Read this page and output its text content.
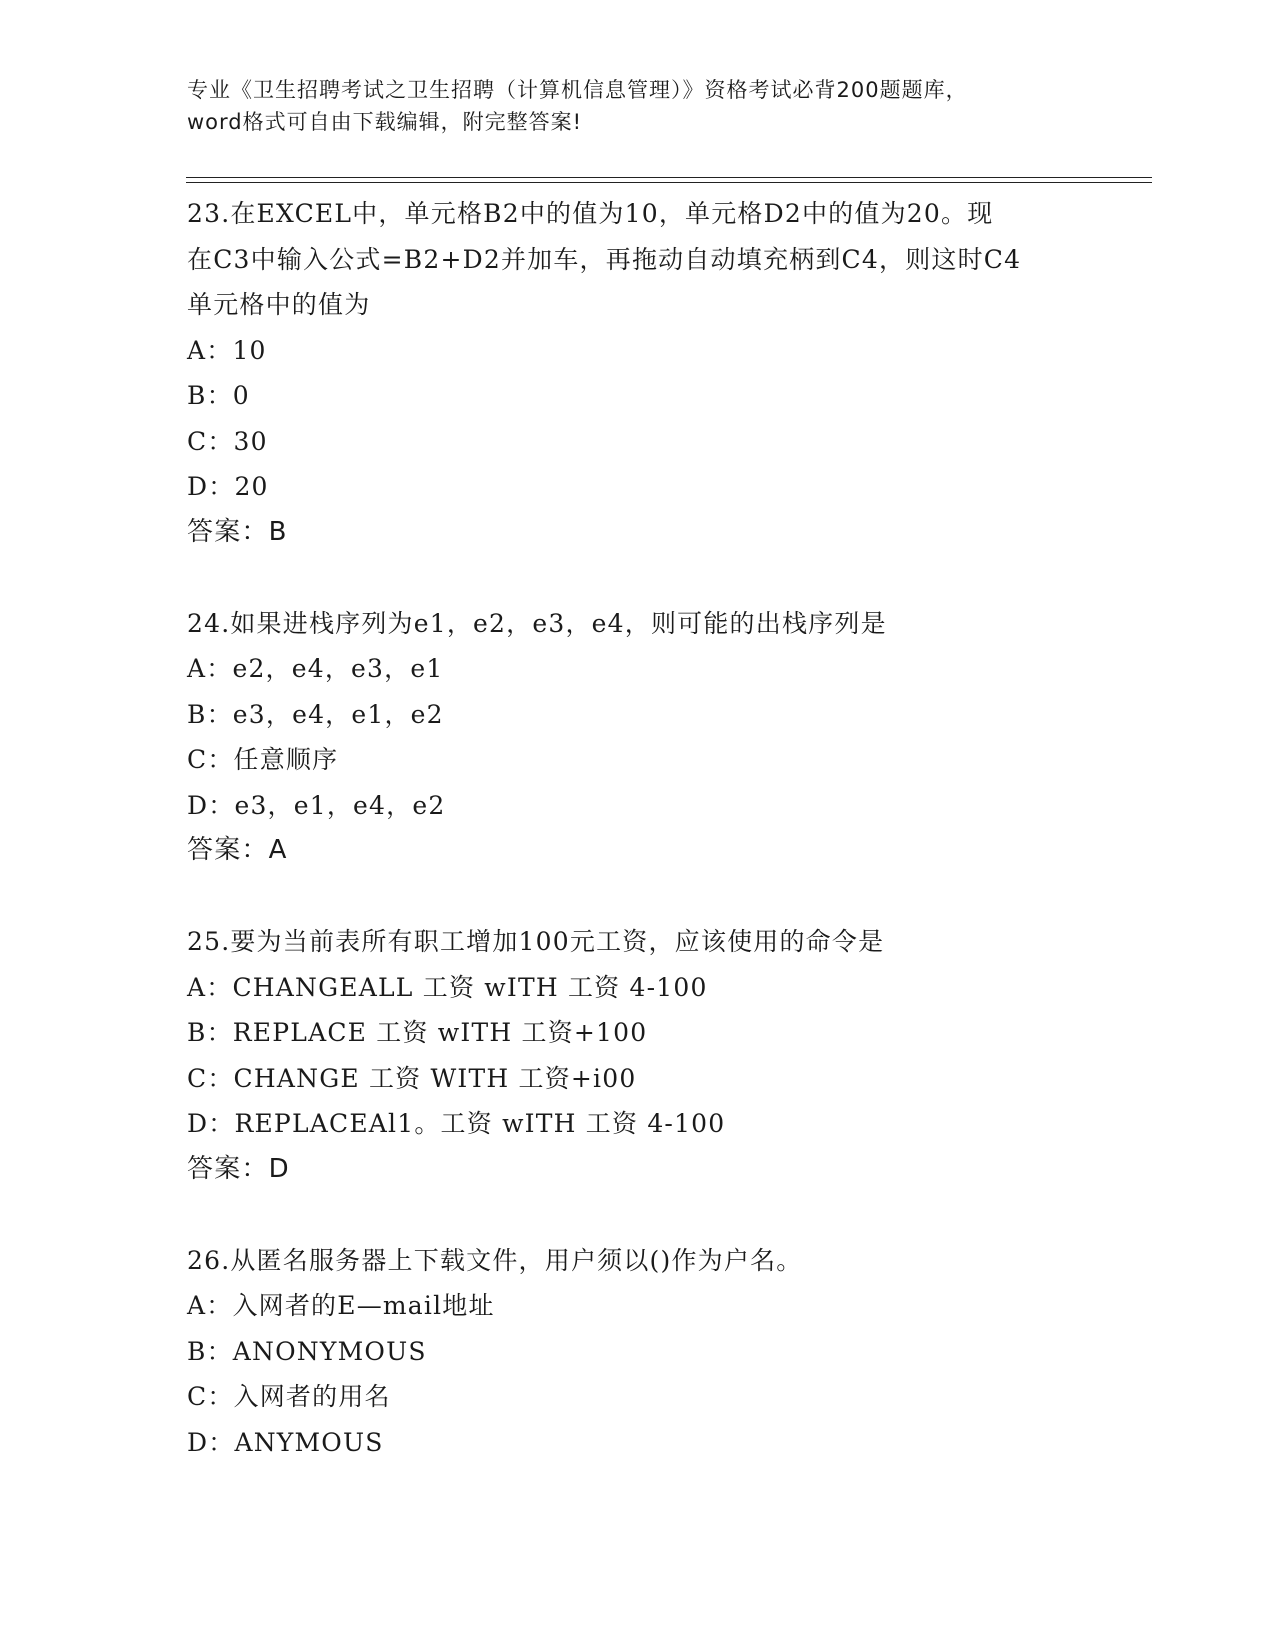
专业《卫生招聘考试之卫生招聘（计算机信息管理）》资格考试必背200题题库，
word格式可自由下载编辑，附完整答案!
23.在EXCEL中，单元格B2中的值为10，单元格D2中的值为20。现
在C3中输入公式=B2+D2并加车，再拖动自动填充柄到C4，则这时C4
单元格中的值为
A：10
B：0
C：30
D：20
答案：B
24.如果进栈序列为e1，e2，e3，e4，则可能的出栈序列是
A：e2，e4，e3，e1
B：e3，e4，e1，e2
C：任意顺序
D：e3，e1，e4，e2
答案：A
25.要为当前表所有职工增加100元工资，应该使用的命令是
A：CHANGEALL 工资 wITH 工资 4-100
B：REPLACE 工资 wITH 工资+100
C：CHANGE 工资 WITH 工资+i00
D：REPLACEAl1。工资 wITH 工资 4-100
答案：D
26.从匿名服务器上下载文件，用户须以()作为户名。
A：入网者的E—mail地址
B：ANONYMOUS
C：入网者的用名
D：ANYMOUS
